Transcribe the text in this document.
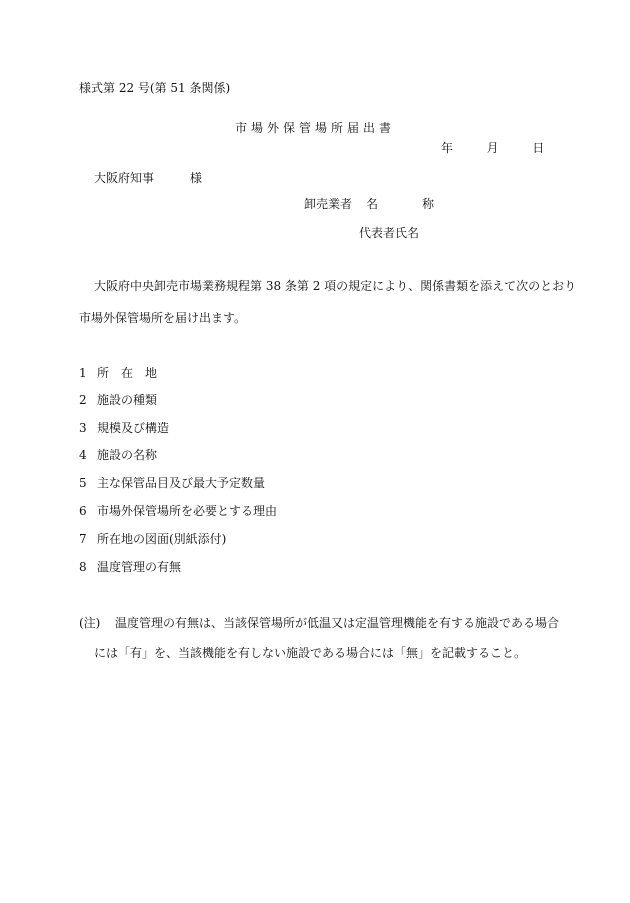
様式第 22 号(第 51 条関係)
市場外保管場所届出書
年	月	日
大阪府知事	様
卸売業者 名	称
代表者氏名
大阪府中央卸売市場業務規程第 38 条第 2 項の規定により、関係書類を添えて次のとおり
市場外保管場所を届け出ます。
1 所　在　地
2 施設の種類
3 規模及び構造
4 施設の名称
5 主な保管品目及び最大予定数量
6 市場外保管場所を必要とする理由
7 所在地の図面(別紙添付)
8 温度管理の有無
(注) 温度管理の有無は、当該保管場所が低温又は定温管理機能を有する施設である場合
には「有」を、当該機能を有しない施設である場合には「無」を記載すること。
